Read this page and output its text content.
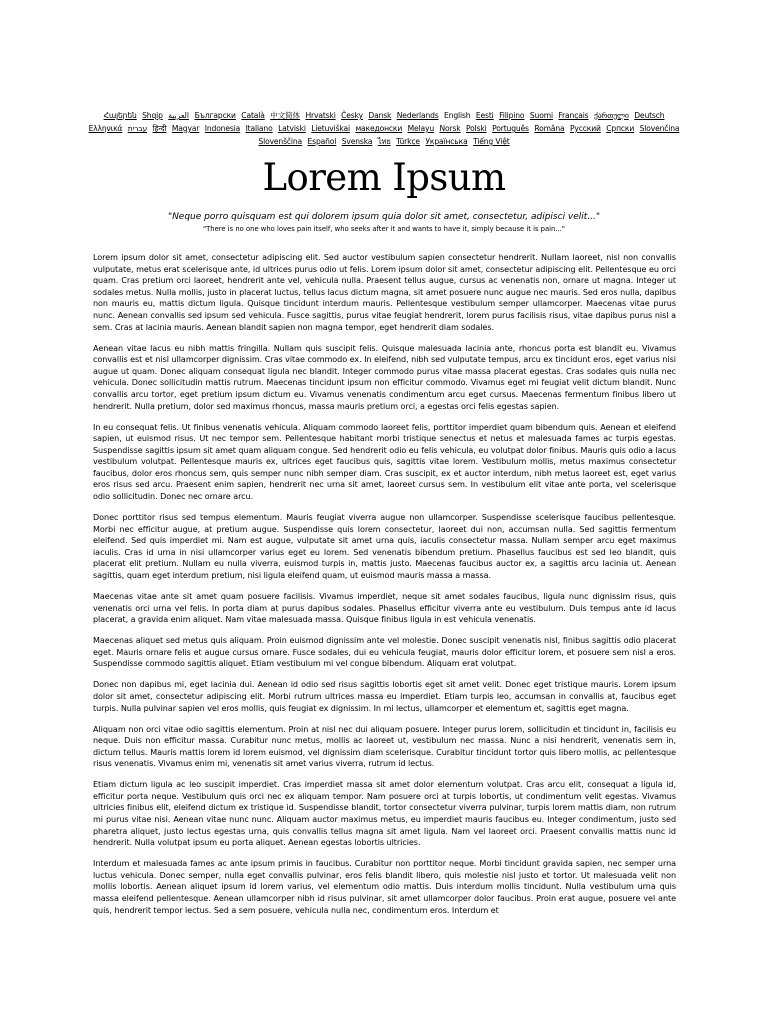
Հայերեն Shqip العربية Български Català 中文简体 Hrvatski Česky Dansk Nederlands English Eesti Filipino Suomi Français ქართული Deutsch Ελληνικά עברית हिन्दी Magyar Indonesia Italiano Latviski Lietuviškai македонски Melayu Norsk Polski Português Româna Pyccкий Српски Slovenčina Slovenščina Español Svenska ไทย Türkçe Українська Tiếng Việt
Lorem Ipsum
"Neque porro quisquam est qui dolorem ipsum quia dolor sit amet, consectetur, adipisci velit..."
"There is no one who loves pain itself, who seeks after it and wants to have it, simply because it is pain..."

Lorem ipsum dolor sit amet, consectetur adipiscing elit. Sed auctor vestibulum sapien consectetur hendrerit. Nullam laoreet, nisl non convallis vulputate, metus erat scelerisque ante, id ultrices purus odio ut felis. Lorem ipsum dolor sit amet, consectetur adipiscing elit. Pellentesque eu orci quam. Cras pretium orci laoreet, hendrerit ante vel, vehicula nulla. Praesent tellus augue, cursus ac venenatis non, ornare ut magna. Integer ut sodales metus. Nulla mollis, justo in placerat luctus, tellus lacus dictum magna, sit amet posuere nunc augue nec mauris. Sed eros nulla, dapibus non mauris eu, mattis dictum ligula. Quisque tincidunt interdum mauris. Pellentesque vestibulum semper ullamcorper. Maecenas vitae purus nunc. Aenean convallis sed ipsum sed vehicula. Fusce sagittis, purus vitae feugiat hendrerit, lorem purus facilisis risus, vitae dapibus purus nisl a sem. Cras at lacinia mauris. Aenean blandit sapien non magna tempor, eget hendrerit diam sodales.

Aenean vitae lacus eu nibh mattis fringilla. Nullam quis suscipit felis. Quisque malesuada lacinia ante, rhoncus porta est blandit eu. Vivamus convallis est et nisl ullamcorper dignissim. Cras vitae commodo ex. In eleifend, nibh sed vulputate tempus, arcu ex tincidunt eros, eget varius nisi augue ut quam. Donec aliquam consequat ligula nec blandit. Integer commodo purus vitae massa placerat egestas. Cras sodales quis nulla nec vehicula. Donec sollicitudin mattis rutrum. Maecenas tincidunt ipsum non efficitur commodo. Vivamus eget mi feugiat velit dictum blandit. Nunc convallis arcu tortor, eget pretium ipsum dictum eu. Vivamus venenatis condimentum arcu eget cursus. Maecenas fermentum finibus libero ut hendrerit. Nulla pretium, dolor sed maximus rhoncus, massa mauris pretium orci, a egestas orci felis egestas sapien.

In eu consequat felis. Ut finibus venenatis vehicula. Aliquam commodo laoreet felis, porttitor imperdiet quam bibendum quis. Aenean et eleifend sapien, ut euismod risus. Ut nec tempor sem. Pellentesque habitant morbi tristique senectus et netus et malesuada fames ac turpis egestas. Suspendisse sagittis ipsum sit amet quam aliquam congue. Sed hendrerit odio eu felis vehicula, eu volutpat dolor finibus. Mauris quis odio a lacus vestibulum volutpat. Pellentesque mauris ex, ultrices eget faucibus quis, sagittis vitae lorem. Vestibulum mollis, metus maximus consectetur faucibus, dolor eros rhoncus sem, quis semper nunc nibh semper diam. Cras suscipit, ex et auctor interdum, nibh metus laoreet est, eget varius eros risus sed arcu. Praesent enim sapien, hendrerit nec urna sit amet, laoreet cursus sem. In vestibulum elit vitae ante porta, vel scelerisque odio sollicitudin. Donec nec ornare arcu.

Donec porttitor risus sed tempus elementum. Mauris feugiat viverra augue non ullamcorper. Suspendisse scelerisque faucibus pellentesque. Morbi nec efficitur augue, at pretium augue. Suspendisse quis lorem consectetur, laoreet dui non, accumsan nulla. Sed sagittis fermentum eleifend. Sed quis imperdiet mi. Nam est augue, vulputate sit amet urna quis, iaculis consectetur massa. Nullam semper arcu eget maximus iaculis. Cras id urna in nisi ullamcorper varius eget eu lorem. Sed venenatis bibendum pretium. Phasellus faucibus est sed leo blandit, quis placerat elit pretium. Nullam eu nulla viverra, euismod turpis in, mattis justo. Maecenas faucibus auctor ex, a sagittis arcu lacinia ut. Aenean sagittis, quam eget interdum pretium, nisi ligula eleifend quam, ut euismod mauris massa a massa.

Maecenas vitae ante sit amet quam posuere facilisis. Vivamus imperdiet, neque sit amet sodales faucibus, ligula nunc dignissim risus, quis venenatis orci urna vel felis. In porta diam at purus dapibus sodales. Phasellus efficitur viverra ante eu vestibulum. Duis tempus ante id lacus placerat, a gravida enim aliquet. Nam vitae malesuada massa. Quisque finibus ligula in est vehicula venenatis.

Maecenas aliquet sed metus quis aliquam. Proin euismod dignissim ante vel molestie. Donec suscipit venenatis nisl, finibus sagittis odio placerat eget. Mauris ornare felis et augue cursus ornare. Fusce sodales, dui eu vehicula feugiat, mauris dolor efficitur lorem, et posuere sem nisl a eros. Suspendisse commodo sagittis aliquet. Etiam vestibulum mi vel congue bibendum. Aliquam erat volutpat.

Donec non dapibus mi, eget lacinia dui. Aenean id odio sed risus sagittis lobortis eget sit amet velit. Donec eget tristique mauris. Lorem ipsum dolor sit amet, consectetur adipiscing elit. Morbi rutrum ultrices massa eu imperdiet. Etiam turpis leo, accumsan in convallis at, faucibus eget turpis. Nulla pulvinar sapien vel eros mollis, quis feugiat ex dignissim. In mi lectus, ullamcorper et elementum et, sagittis eget magna.

Aliquam non orci vitae odio sagittis elementum. Proin at nisl nec dui aliquam posuere. Integer purus lorem, sollicitudin et tincidunt in, facilisis eu neque. Duis non efficitur massa. Curabitur nunc metus, mollis ac laoreet ut, vestibulum nec massa. Nunc a nisi hendrerit, venenatis sem in, dictum tellus. Mauris mattis lorem id lorem euismod, vel dignissim diam scelerisque. Curabitur tincidunt tortor quis libero mollis, ac pellentesque risus venenatis. Vivamus enim mi, venenatis sit amet varius viverra, rutrum id lectus.

Etiam dictum ligula ac leo suscipit imperdiet. Cras imperdiet massa sit amet dolor elementum volutpat. Cras arcu elit, consequat a ligula id, efficitur porta neque. Vestibulum quis orci nec ex aliquam tempor. Nam posuere orci at turpis lobortis, ut condimentum velit egestas. Vivamus ultricies finibus elit, eleifend dictum ex tristique id. Suspendisse blandit, tortor consectetur viverra pulvinar, turpis lorem mattis diam, non rutrum mi purus vitae nisi. Aenean vitae nunc nunc. Aliquam auctor maximus metus, eu imperdiet mauris faucibus eu. Integer condimentum, justo sed pharetra aliquet, justo lectus egestas urna, quis convallis tellus magna sit amet ligula. Nam vel laoreet orci. Praesent convallis mattis nunc id hendrerit. Nulla volutpat ipsum eu porta aliquet. Aenean egestas lobortis ultricies.

Interdum et malesuada fames ac ante ipsum primis in faucibus. Curabitur non porttitor neque. Morbi tincidunt gravida sapien, nec semper urna luctus vehicula. Donec semper, nulla eget convallis pulvinar, eros felis blandit libero, quis molestie nisl justo et tortor. Ut malesuada velit non mollis lobortis. Aenean aliquet ipsum id lorem varius, vel elementum odio mattis. Duis interdum mollis tincidunt. Nulla vestibulum urna quis massa eleifend pellentesque. Aenean ullamcorper nibh id risus pulvinar, sit amet ullamcorper dolor faucibus. Proin erat augue, posuere vel ante quis, hendrerit tempor lectus. Sed a sem posuere, vehicula nulla nec, condimentum eros. Interdum et
